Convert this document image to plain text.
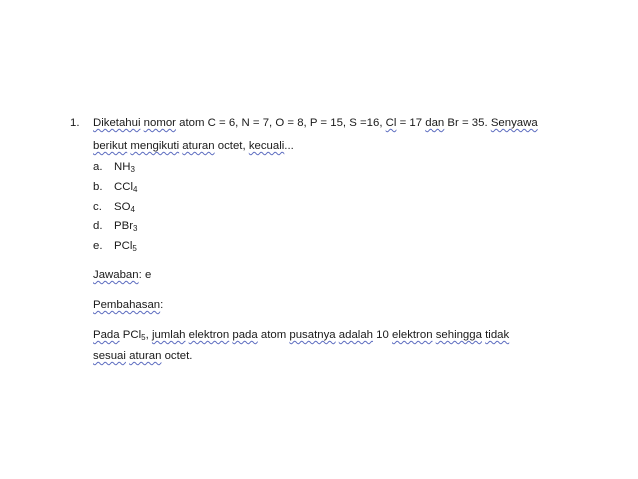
1. Diketahui nomor atom C = 6, N = 7, O = 8, P = 15, S =16, Cl = 17 dan Br = 35. Senyawa
berikut mengikuti aturan octet, kecuali...
a. $NH_3$
b. CCl$_4$
c. $SO_4$
d. PBr$_3$
e. PCl$_5$
Jawaban: e
Pembahasan:
Pada PCl$_5$, jumlah elektron pada atom pusatnya adalah 10 elektron sehingga tidak
sesuai aturan octet.
